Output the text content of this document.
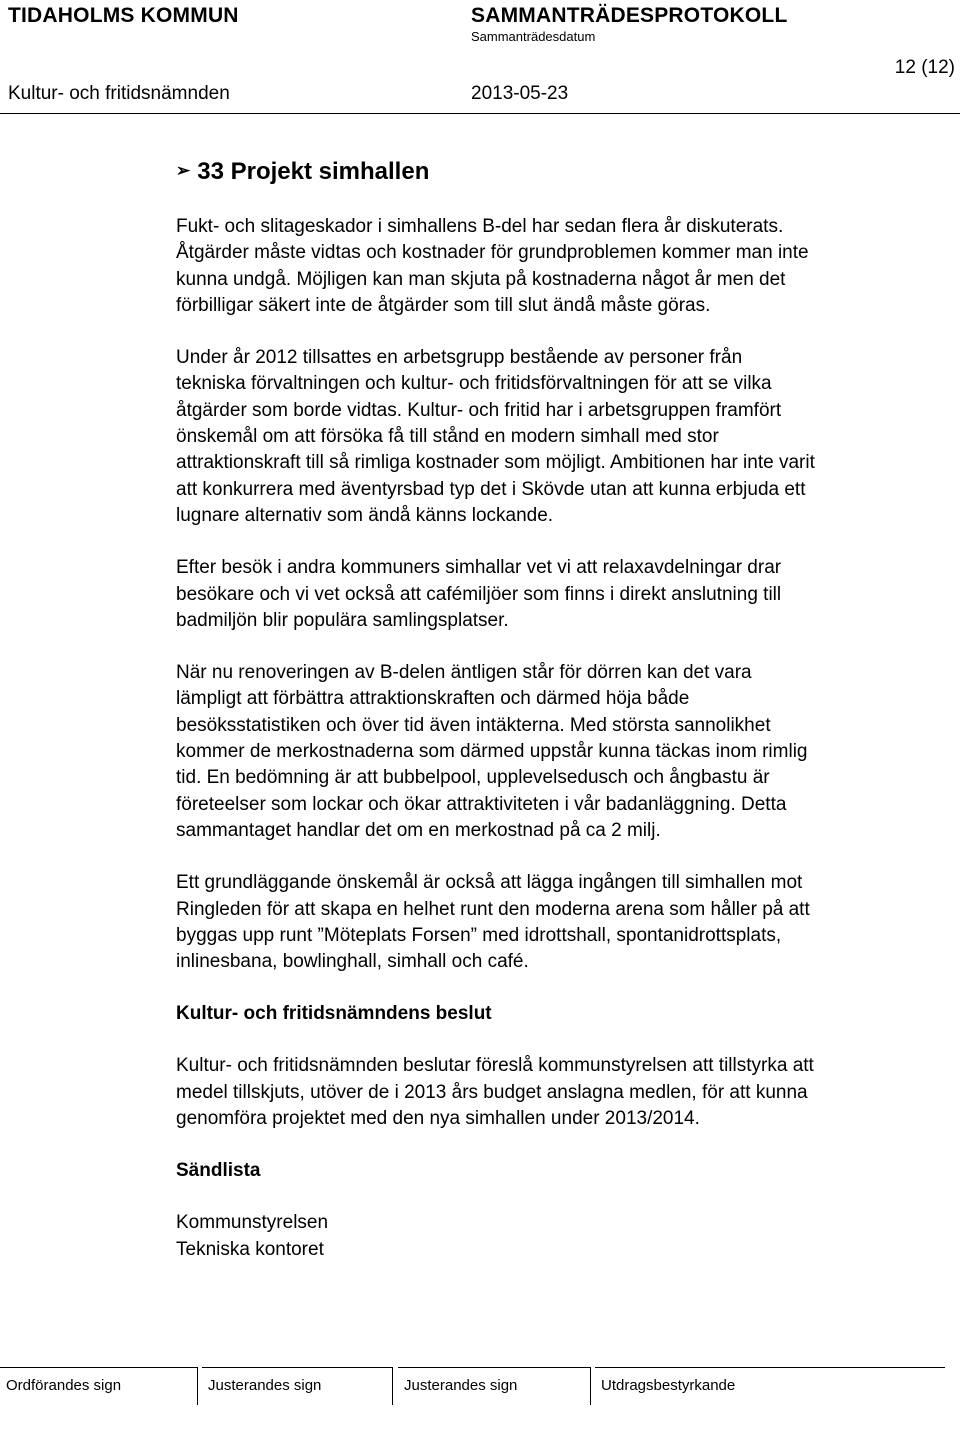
TIDAHOLMS KOMMUN	SAMMANTRÄDESPROTOKOLL
Sammanträdesdatum
12 (12)
Kultur- och fritidsnämnden	2013-05-23
➢ 33 Projekt simhallen
Fukt- och slitageskador i simhallens B-del har sedan flera år diskuterats.
Åtgärder måste vidtas och kostnader för grundproblemen kommer man inte
kunna undgå. Möjligen kan man skjuta på kostnaderna något år men det
förbilligar säkert inte de åtgärder som till slut ändå måste göras.
Under år 2012 tillsattes en arbetsgrupp bestående av personer från
tekniska förvaltningen och kultur- och fritidsförvaltningen för att se vilka
åtgärder som borde vidtas. Kultur- och fritid har i arbetsgruppen framfört
önskemål om att försöka få till stånd en modern simhall med stor
attraktionskraft till så rimliga kostnader som möjligt. Ambitionen har inte varit
att konkurrera med äventyrsbad typ det i Skövde utan att kunna erbjuda ett
lugnare alternativ som ändå känns lockande.
Efter besök i andra kommuners simhallar vet vi att relaxavdelningar drar
besökare och vi vet också att cafémiljöer som finns i direkt anslutning till
badmiljön blir populära samlingsplatser.
När nu renoveringen av B-delen äntligen står för dörren kan det vara
lämpligt att förbättra attraktionskraften och därmed höja både
besöksstatistiken och över tid även intäkterna. Med största sannolikhet
kommer de merkostnaderna som därmed uppstår kunna täckas inom rimlig
tid. En bedömning är att bubbelpool, upplevelsedusch och ångbastu är
företeelser som lockar och ökar attraktiviteten i vår badanläggning. Detta
sammantaget handlar det om en merkostnad på ca 2 milj.
Ett grundläggande önskemål är också att lägga ingången till simhallen mot
Ringleden för att skapa en helhet runt den moderna arena som håller på att
byggas upp runt ”Möteplats Forsen” med idrottshall, spontanidrottsplats,
inlinesbana, bowlinghall, simhall och café.
Kultur- och fritidsnämndens beslut
Kultur- och fritidsnämnden beslutar föreslå kommunstyrelsen att tillstyrka att
medel tillskjuts, utöver de i 2013 års budget anslagna medlen, för att kunna
genomföra projektet med den nya simhallen under 2013/2014.
Sändlista
Kommunstyrelsen
Tekniska kontoret
Ordförandes sign	Justerandes sign	Justerandes sign	Utdragsbestyrkande
